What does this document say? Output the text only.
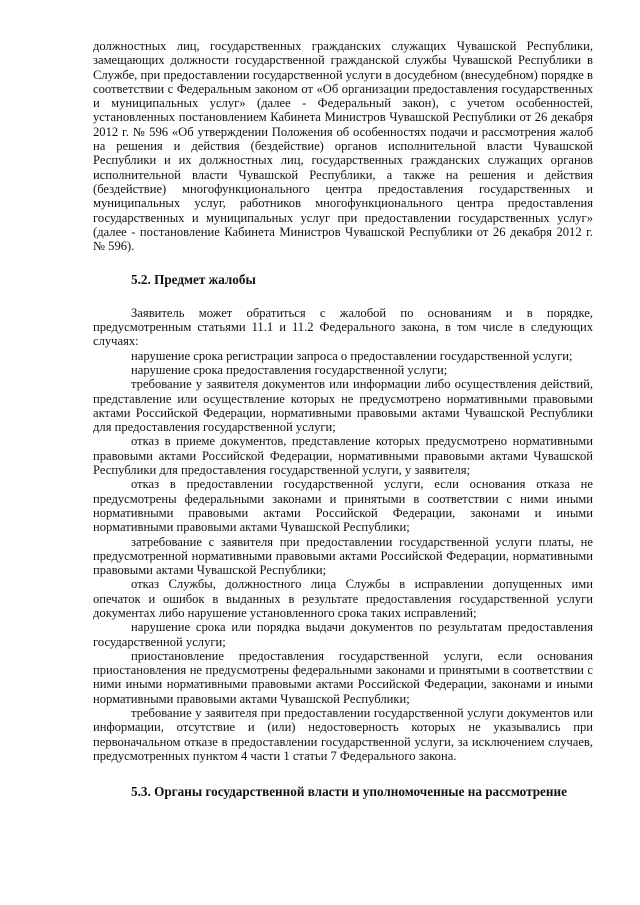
должностных лиц, государственных гражданских служащих Чувашской Республики, замещающих должности государственной гражданской службы Чувашской Республики в Службе, при предоставлении государственной услуги в досудебном (внесудебном) порядке в соответствии с Федеральным законом от «Об организации предоставления государственных и муниципальных услуг» (далее - Федеральный закон), с учетом особенностей, установленных постановлением Кабинета Министров Чувашской Республики от 26 декабря 2012 г. № 596 «Об утверждении Положения об особенностях подачи и рассмотрения жалоб на решения и действия (бездействие) органов исполнительной власти Чувашской Республики и их должностных лиц, государственных гражданских служащих органов исполнительной власти Чувашской Республики, а также на решения и действия (бездействие) многофункционального центра предоставления государственных и муниципальных услуг, работников многофункционального центра предоставления государственных и муниципальных услуг при предоставлении государственных услуг» (далее - постановление Кабинета Министров Чувашской Республики от 26 декабря 2012 г. № 596).

5.2. Предмет жалобы

Заявитель может обратиться с жалобой по основаниям и в порядке, предусмотренным статьями 11.1 и 11.2 Федерального закона, в том числе в следующих случаях:

нарушение срока регистрации запроса о предоставлении государственной услуги;

нарушение срока предоставления государственной услуги;

требование у заявителя документов или информации либо осуществления действий, представление или осуществление которых не предусмотрено нормативными правовыми актами Российской Федерации, нормативными правовыми актами Чувашской Республики для предоставления государственной услуги;

отказ в приеме документов, представление которых предусмотрено нормативными правовыми актами Российской Федерации, нормативными правовыми актами Чувашской Республики для предоставления государственной услуги, у заявителя;

отказ в предоставлении государственной услуги, если основания отказа не предусмотрены федеральными законами и принятыми в соответствии с ними иными нормативными правовыми актами Российской Федерации, законами и иными нормативными правовыми актами Чувашской Республики;

затребование с заявителя при предоставлении государственной услуги платы, не предусмотренной нормативными правовыми актами Российской Федерации, нормативными правовыми актами Чувашской Республики;

отказ Службы, должностного лица Службы в исправлении допущенных ими опечаток и ошибок в выданных в результате предоставления государственной услуги документах либо нарушение установленного срока таких исправлений;

нарушение срока или порядка выдачи документов по результатам предоставления государственной услуги;

приостановление предоставления государственной услуги, если основания приостановления не предусмотрены федеральными законами и принятыми в соответствии с ними иными нормативными правовыми актами Российской Федерации, законами и иными нормативными правовыми актами Чувашской Республики;

требование у заявителя при предоставлении государственной услуги документов или информации, отсутствие и (или) недостоверность которых не указывались при первоначальном отказе в предоставлении государственной услуги, за исключением случаев, предусмотренных пунктом 4 части 1 статьи 7 Федерального закона.

5.3. Органы государственной власти и уполномоченные на рассмотрение
